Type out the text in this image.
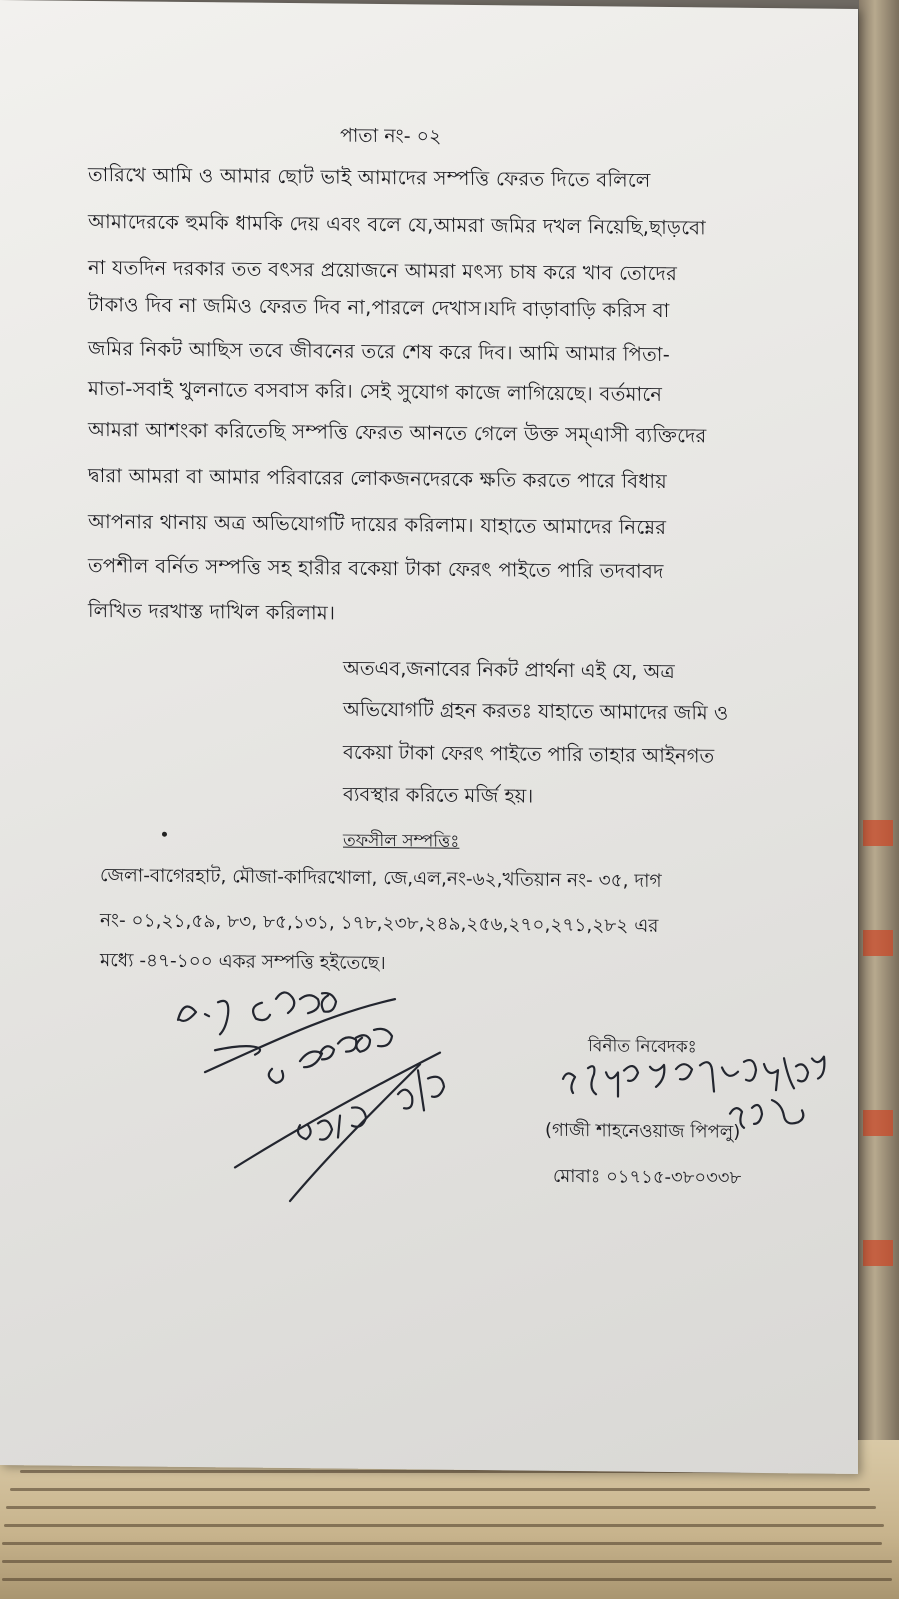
পাতা নং- ০২
তারিখে আমি ও আমার ছোট ভাই আমাদের সম্পত্তি ফেরত দিতে বলিলে
আমাদেরকে হুমকি ধামকি দেয় এবং বলে যে,আমরা জমির দখল নিয়েছি,ছাড়বো
না যতদিন দরকার তত বৎসর প্রয়োজনে আমরা মৎস্য চাষ করে খাব তোদের
টাকাও দিব না জমিও ফেরত দিব না,পারলে দেখাস।যদি বাড়াবাড়ি করিস বা
জমির নিকট আছিস তবে জীবনের তরে শেষ করে দিব। আমি আমার পিতা-
মাতা-সবাই খুলনাতে বসবাস করি। সেই সুযোগ কাজে লাগিয়েছে। বর্তমানে
আমরা আশংকা করিতেছি সম্পত্তি ফেরত আনতে গেলে উক্ত সম্এাসী ব্যক্তিদের
দ্বারা আমরা বা আমার পরিবারের লোকজনদেরকে ক্ষতি করতে পারে বিধায়
আপনার থানায় অত্র অভিযোগটি দায়ের করিলাম। যাহাতে আমাদের নিম্নের
তপশীল বর্নিত সম্পত্তি সহ হারীর বকেয়া টাকা ফেরৎ পাইতে পারি তদবাবদ
লিখিত দরখাস্ত দাখিল করিলাম।
অতএব,জনাবের নিকট প্রার্থনা এই যে, অত্র
অভিযোগটি গ্রহন করতঃ যাহাতে আমাদের জমি ও
বকেয়া টাকা ফেরৎ পাইতে পারি তাহার আইনগত
ব্যবস্থার করিতে মর্জি হয়।
তফসীল সম্পত্তিঃ
জেলা-বাগেরহাট, মৌজা-কাদিরখোলা, জে,এল,নং-৬২,খতিয়ান নং- ৩৫, দাগ
নং- ০১,২১,৫৯, ৮৩, ৮৫,১৩১, ১৭৮,২৩৮,২৪৯,২৫৬,২৭০,২৭১,২৮২ এর
মধ্যে -৪৭-১০০ একর সম্পত্তি হইতেছে।
বিনীত নিবেদকঃ
(গাজী শাহনেওয়াজ পিপলু)
মোবাঃ ০১৭১৫-৩৮০৩৩৮
